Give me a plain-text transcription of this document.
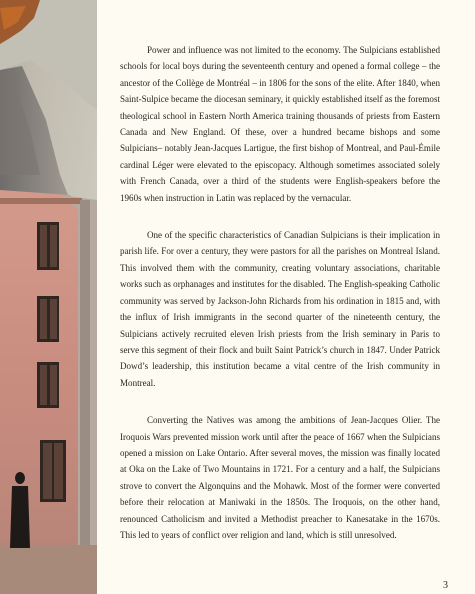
Power and influence was not limited to the economy. The Sulpicians established schools for local boys during the seventeenth century and opened a formal college – the ancestor of the Collège de Montréal – in 1806 for the sons of the elite. After 1840, when Saint-Sulpice became the diocesan seminary, it quickly established itself as the foremost theological school in Eastern North America training thousands of priests from Eastern Canada and New England. Of these, over a hundred became bishops and some Sulpicians– notably Jean-Jacques Lartigue, the first bishop of Montreal, and Paul-Émile cardinal Léger were elevated to the episcopacy. Although sometimes associated solely with French Canada, over a third of the students were English-speakers before the 1960s when instruction in Latin was replaced by the vernacular.

One of the specific characteristics of Canadian Sulpicians is their implication in parish life. For over a century, they were pastors for all the parishes on Montreal Island. This involved them with the community, creating voluntary associations, charitable works such as orphanages and institutes for the disabled. The English-speaking Catholic community was served by Jackson-John Richards from his ordination in 1815 and, with the influx of Irish immigrants in the second quarter of the nineteenth century, the Sulpicians actively recruited eleven Irish priests from the Irish seminary in Paris to serve this segment of their flock and built Saint Patrick’s church in 1847. Under Patrick Dowd’s leadership, this institution became a vital centre of the Irish community in Montreal.

Converting the Natives was among the ambitions of Jean-Jacques Olier. The Iroquois Wars prevented mission work until after the peace of 1667 when the Sulpicians opened a mission on Lake Ontario. After several moves, the mission was finally located at Oka on the Lake of Two Mountains in 1721. For a century and a half, the Sulpicians strove to convert the Algonquins and the Mohawk. Most of the former were converted before their relocation at Maniwaki in the 1850s. The Iroquois, on the other hand, renounced Catholicism and invited a Methodist preacher to Kanesatake in the 1670s. This led to years of conflict over religion and land, which is still unresolved.

3
